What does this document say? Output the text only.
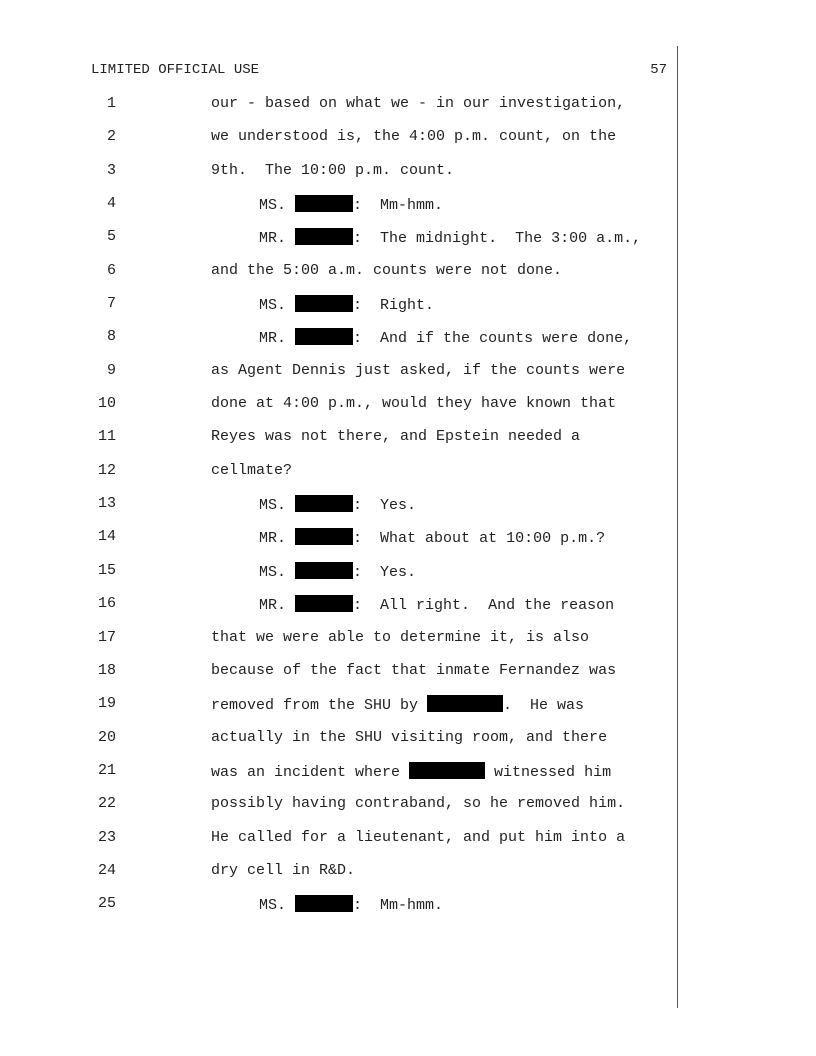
LIMITED OFFICIAL USE	57
1	our - based on what we - in our investigation,
2	we understood is, the 4:00 p.m. count, on the
3	9th.  The 10:00 p.m. count.
4	MS.	:  Mm-hmm.
5	MR.	:  The midnight.  The 3:00 a.m.,
6	and the 5:00 a.m. counts were not done.
7	MS.	:  Right.
8	MR.	:  And if the counts were done,
9	as Agent Dennis just asked, if the counts were
10	done at 4:00 p.m., would they have known that
11	Reyes was not there, and Epstein needed a
12	cellmate?
13	MS.	:  Yes.
14	MR.	:  What about at 10:00 p.m.?
15	MS.	:  Yes.
16	MR.	:  All right.  And the reason
17	that we were able to determine it, is also
18	because of the fact that inmate Fernandez was
19	removed from the SHU by	.  He was
20	actually in the SHU visiting room, and there
21	was an incident where	witnessed him
22	possibly having contraband, so he removed him.
23	He called for a lieutenant, and put him into a
24	dry cell in R&D.
25	MS.	:  Mm-hmm.
